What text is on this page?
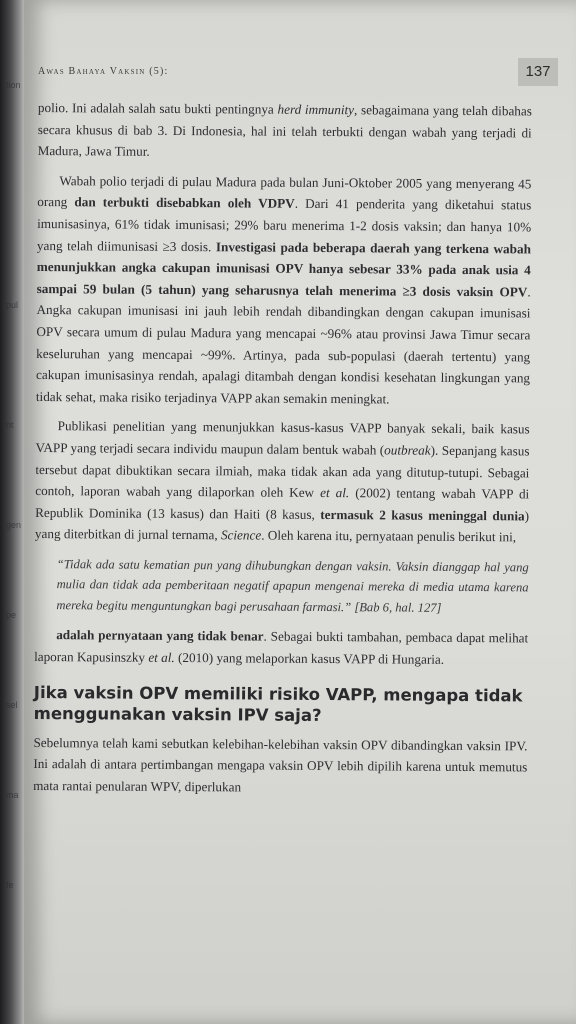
tion
pul
nt
gen
pe
sel
ma
fe
Awas Bahaya Vaksin (5):	137

polio. Ini adalah salah satu bukti pentingnya herd immunity, sebagaimana yang telah dibahas secara khusus di bab 3. Di Indonesia, hal ini telah terbukti dengan wabah yang terjadi di Madura, Jawa Timur.

Wabah polio terjadi di pulau Madura pada bulan Juni-Oktober 2005 yang menyerang 45 orang dan terbukti disebabkan oleh VDPV. Dari 41 penderita yang diketahui status imunisasinya, 61% tidak imunisasi; 29% baru menerima 1-2 dosis vaksin; dan hanya 10% yang telah diimunisasi ≥3 dosis. Investigasi pada beberapa daerah yang terkena wabah menunjukkan angka cakupan imunisasi OPV hanya sebesar 33% pada anak usia 4 sampai 59 bulan (5 tahun) yang seharusnya telah menerima ≥3 dosis vaksin OPV. Angka cakupan imunisasi ini jauh lebih rendah dibandingkan dengan cakupan imunisasi OPV secara umum di pulau Madura yang mencapai ~96% atau provinsi Jawa Timur secara keseluruhan yang mencapai ~99%. Artinya, pada sub-populasi (daerah tertentu) yang cakupan imunisasinya rendah, apalagi ditambah dengan kondisi kesehatan lingkungan yang tidak sehat, maka risiko terjadinya VAPP akan semakin meningkat.

Publikasi penelitian yang menunjukkan kasus-kasus VAPP banyak sekali, baik kasus VAPP yang terjadi secara individu maupun dalam bentuk wabah (outbreak). Sepanjang kasus tersebut dapat dibuktikan secara ilmiah, maka tidak akan ada yang ditutup-tutupi. Sebagai contoh, laporan wabah yang dilaporkan oleh Kew et al. (2002) tentang wabah VAPP di Republik Dominika (13 kasus) dan Haiti (8 kasus, termasuk 2 kasus meninggal dunia) yang diterbitkan di jurnal ternama, Science. Oleh karena itu, pernyataan penulis berikut ini,

“Tidak ada satu kematian pun yang dihubungkan dengan vaksin. Vaksin dianggap hal yang mulia dan tidak ada pemberitaan negatif apapun mengenai mereka di media utama karena mereka begitu menguntungkan bagi perusahaan farmasi.” [Bab 6, hal. 127]

adalah pernyataan yang tidak benar. Sebagai bukti tambahan, pembaca dapat melihat laporan Kapusinszky et al. (2010) yang melaporkan kasus VAPP di Hungaria.

Jika vaksin OPV memiliki risiko VAPP, mengapa tidak menggunakan vaksin IPV saja?

Sebelumnya telah kami sebutkan kelebihan-kelebihan vaksin OPV dibandingkan vaksin IPV. Ini adalah di antara pertimbangan mengapa vaksin OPV lebih dipilih karena untuk memutus mata rantai penularan WPV, diperlukan
